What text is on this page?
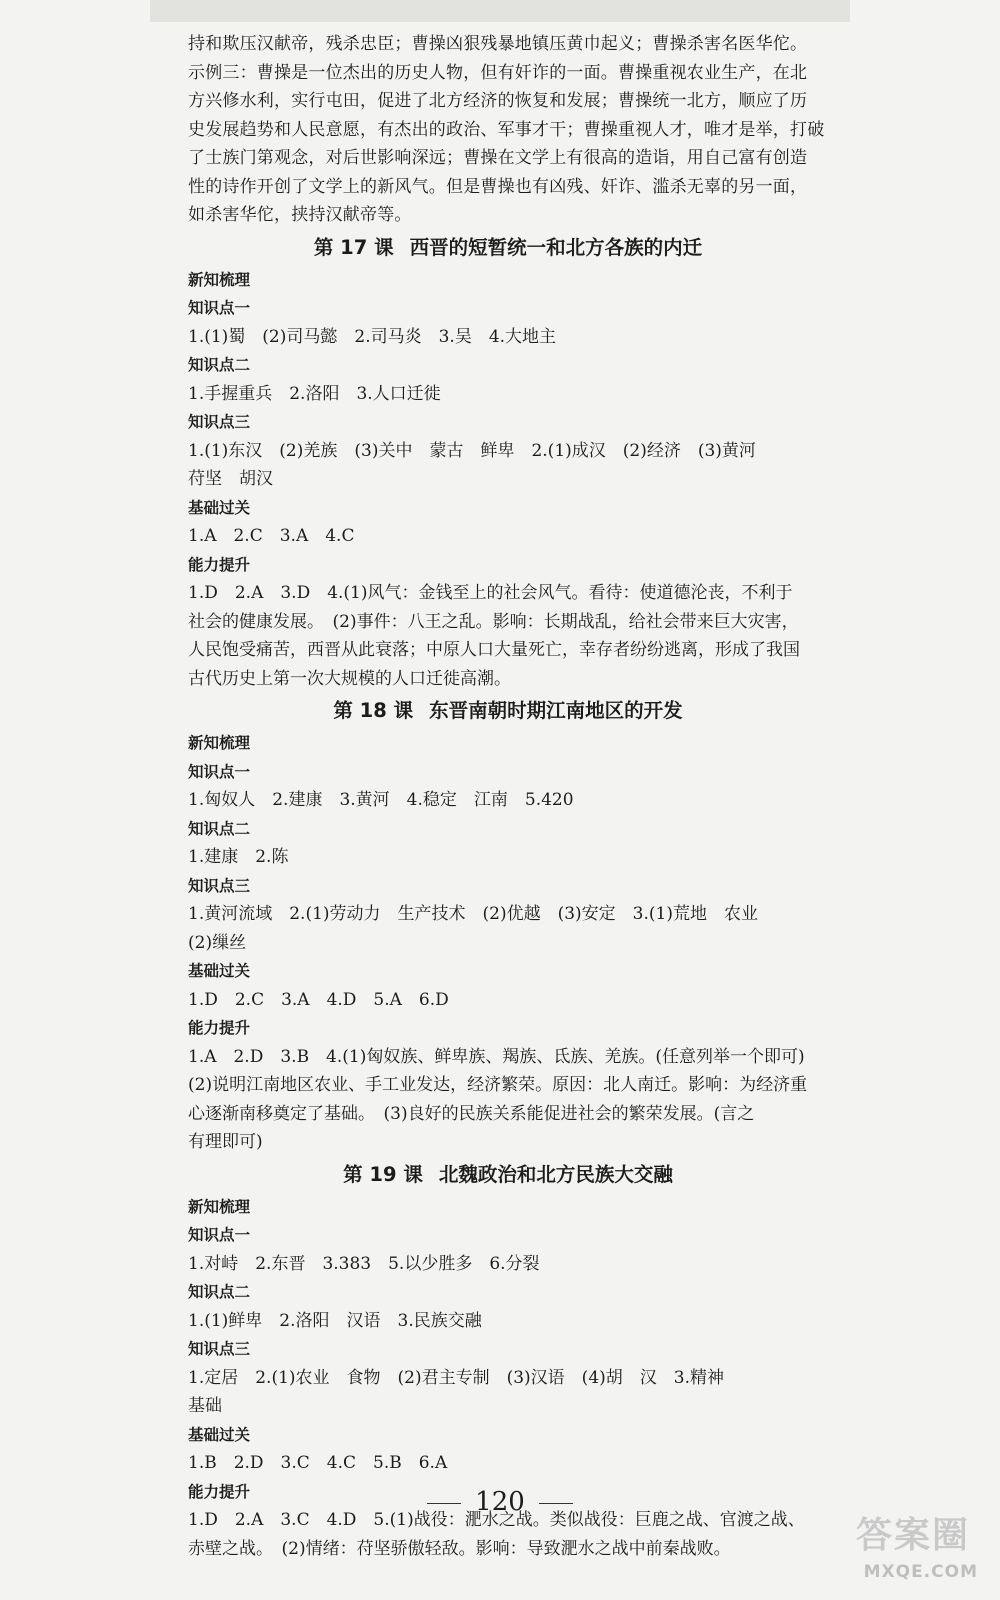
持和欺压汉献帝，残杀忠臣；曹操凶狠残暴地镇压黄巾起义；曹操杀害名医华佗。
示例三：曹操是一位杰出的历史人物，但有奸诈的一面。曹操重视农业生产，在北
方兴修水利，实行屯田，促进了北方经济的恢复和发展；曹操统一北方，顺应了历
史发展趋势和人民意愿，有杰出的政治、军事才干；曹操重视人才，唯才是举，打破
了士族门第观念，对后世影响深远；曹操在文学上有很高的造诣，用自己富有创造
性的诗作开创了文学上的新风气。但是曹操也有凶残、奸诈、滥杀无辜的另一面，
如杀害华佗，挟持汉献帝等。
第 17 课 西晋的短暂统一和北方各族的内迁
新知梳理
知识点一
1.(1)蜀　(2)司马懿　2.司马炎　3.吴　4.大地主
知识点二
1.手握重兵　2.洛阳　3.人口迁徙
知识点三
1.(1)东汉　(2)羌族　(3)关中　蒙古　鲜卑　2.(1)成汉　(2)经济　(3)黄河
苻坚　胡汉
基础过关
1.A　2.C　3.A　4.C
能力提升
1.D　2.A　3.D　4.(1)风气：金钱至上的社会风气。看待：使道德沦丧，不利于
社会的健康发展。　(2)事件：八王之乱。影响：长期战乱，给社会带来巨大灾害，
人民饱受痛苦，西晋从此衰落；中原人口大量死亡，幸存者纷纷逃离，形成了我国
古代历史上第一次大规模的人口迁徙高潮。
第 18 课 东晋南朝时期江南地区的开发
新知梳理
知识点一
1.匈奴人　2.建康　3.黄河　4.稳定　江南　5.420
知识点二
1.建康　2.陈
知识点三
1.黄河流域　2.(1)劳动力　生产技术　(2)优越　(3)安定　3.(1)荒地　农业
(2)缫丝
基础过关
1.D　2.C　3.A　4.D　5.A　6.D
能力提升
1.A　2.D　3.B　4.(1)匈奴族、鲜卑族、羯族、氐族、羌族。(任意列举一个即可)
(2)说明江南地区农业、手工业发达，经济繁荣。原因：北人南迁。影响：为经济重
心逐渐南移奠定了基础。　(3)良好的民族关系能促进社会的繁荣发展。(言之
有理即可)
第 19 课 北魏政治和北方民族大交融
新知梳理
知识点一
1.对峙　2.东晋　3.383　5.以少胜多　6.分裂
知识点二
1.(1)鲜卑　2.洛阳　汉语　3.民族交融
知识点三
1.定居　2.(1)农业　食物　(2)君主专制　(3)汉语　(4)胡　汉　3.精神
基础
基础过关
1.B　2.D　3.C　4.C　5.B　6.A
能力提升
1.D　2.A　3.C　4.D　5.(1)战役：淝水之战。类似战役：巨鹿之战、官渡之战、
赤壁之战。　(2)情绪：苻坚骄傲轻敌。影响：导致淝水之战中前秦战败。
120
答案圈
MXQE.COM
